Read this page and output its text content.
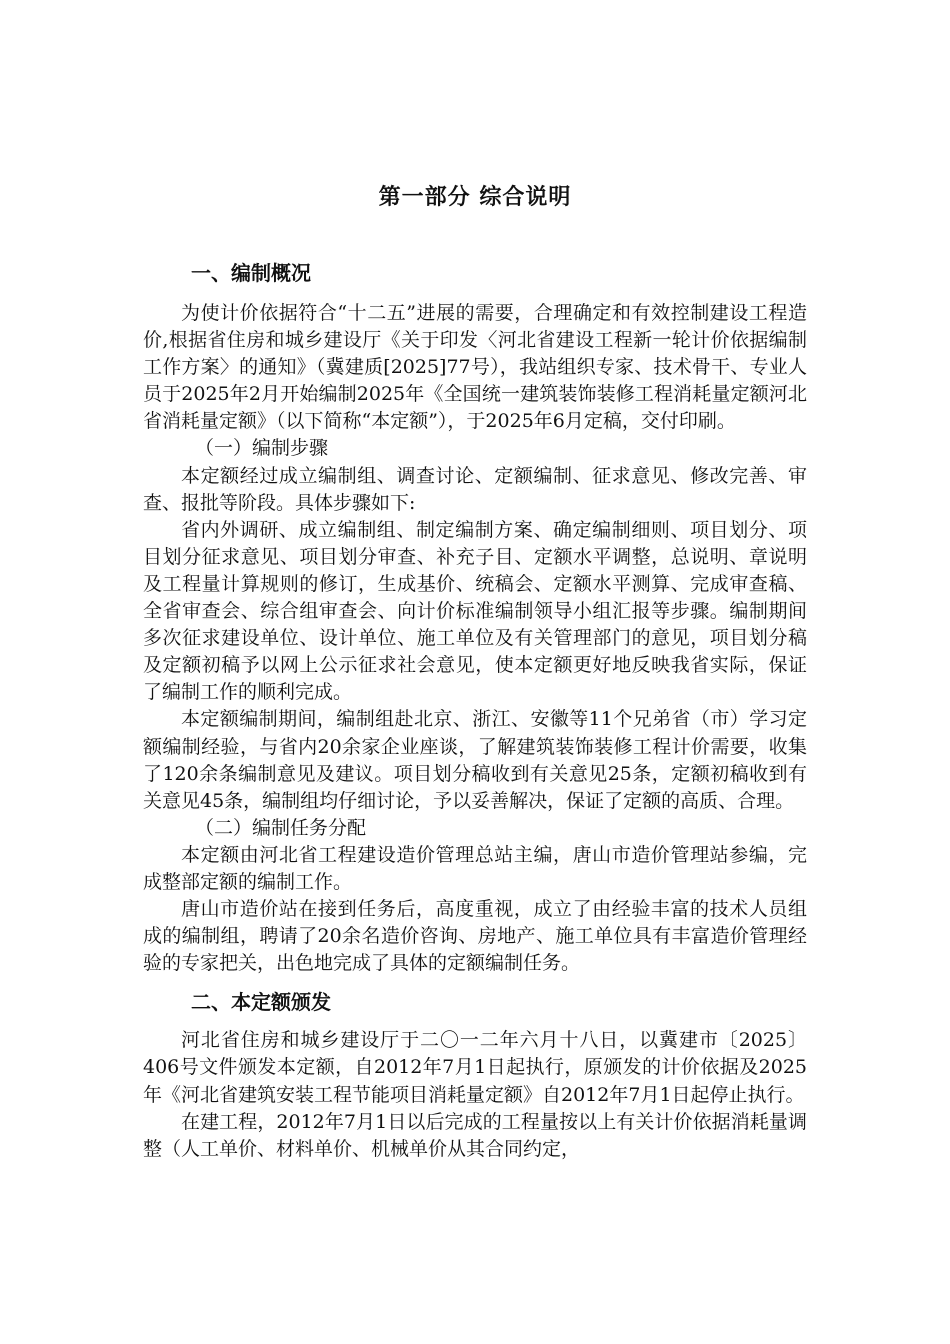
第一部分 综合说明
一、编制概况

为使计价依据符合“十二五”进展的需要，合理确定和有效控制建设工程造价,根据省住房和城乡建设厅《关于印发〈河北省建设工程新一轮计价依据编制工作方案〉的通知》（冀建质[2025]77号），我站组织专家、技术骨干、专业人员于2025年2月开始编制2025年《全国统一建筑装饰装修工程消耗量定额河北省消耗量定额》（以下简称“本定额”），于2025年6月定稿，交付印刷。

（一）编制步骤

本定额经过成立编制组、调查讨论、定额编制、征求意见、修改完善、审查、报批等阶段。具体步骤如下:

省内外调研、成立编制组、制定编制方案、确定编制细则、项目划分、项目划分征求意见、项目划分审查、补充子目、定额水平调整，总说明、章说明及工程量计算规则的修订，生成基价、统稿会、定额水平测算、完成审查稿、全省审查会、综合组审查会、向计价标准编制领导小组汇报等步骤。编制期间多次征求建设单位、设计单位、施工单位及有关管理部门的意见，项目划分稿及定额初稿予以网上公示征求社会意见，使本定额更好地反映我省实际，保证了编制工作的顺利完成。

本定额编制期间，编制组赴北京、浙江、安徽等11个兄弟省（市）学习定额编制经验，与省内20余家企业座谈，了解建筑装饰装修工程计价需要，收集了120余条编制意见及建议。项目划分稿收到有关意见25条，定额初稿收到有关意见45条，编制组均仔细讨论，予以妥善解决，保证了定额的高质、合理。

（二）编制任务分配

本定额由河北省工程建设造价管理总站主编，唐山市造价管理站参编，完成整部定额的编制工作。

唐山市造价站在接到任务后，高度重视，成立了由经验丰富的技术人员组成的编制组，聘请了20余名造价咨询、房地产、施工单位具有丰富造价管理经验的专家把关，出色地完成了具体的定额编制任务。

二、本定额颁发

河北省住房和城乡建设厅于二〇一二年六月十八日，以冀建市〔2025〕406号文件颁发本定额，自2012年7月1日起执行，原颁发的计价依据及2025年《河北省建筑安装工程节能项目消耗量定额》自2012年7月1日起停止执行。

在建工程，2012年7月1日以后完成的工程量按以上有关计价依据消耗量调整（人工单价、材料单价、机械单价从其合同约定，
